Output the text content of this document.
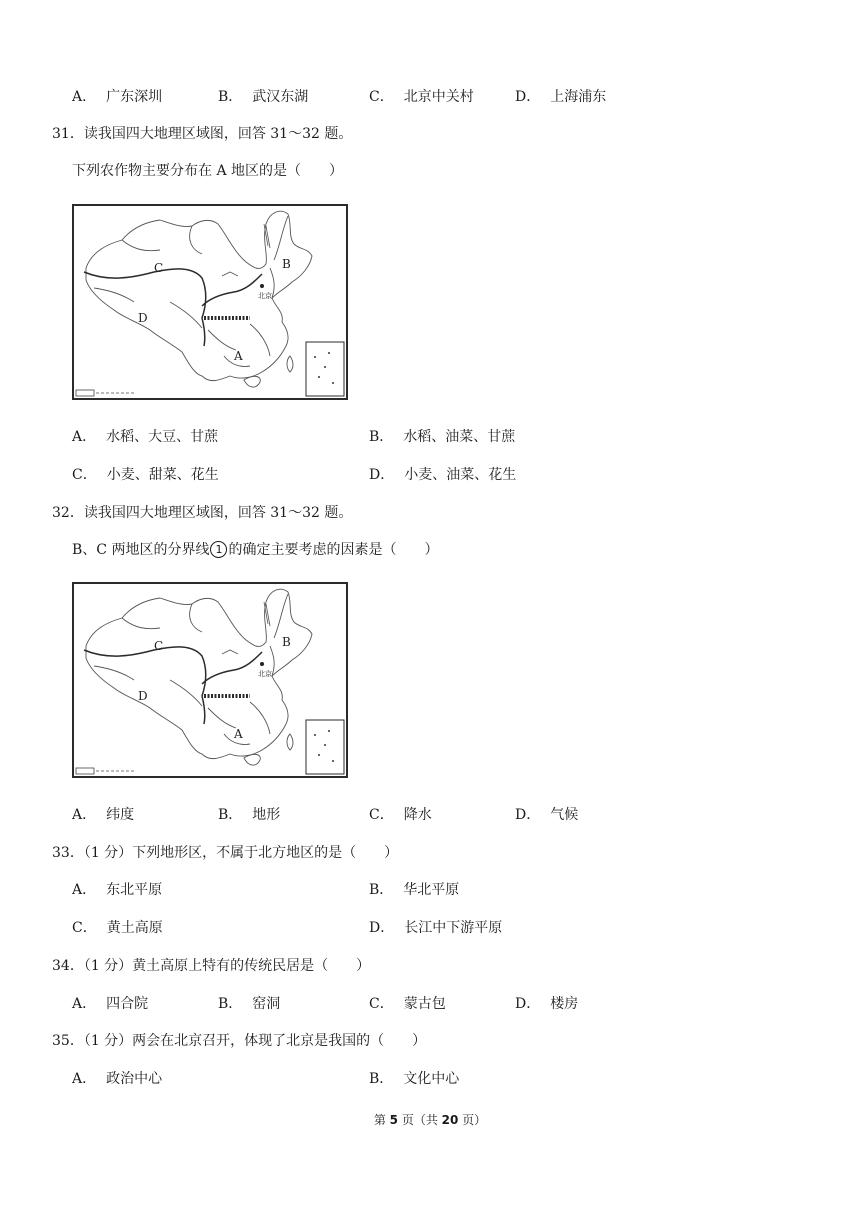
A． 广东深圳	B． 武汉东湖	C． 北京中关村	D． 上海浦东
31．读我国四大地理区域图，回答 31～32 题。
下列农作物主要分布在 A 地区的是（　　）
北京
C	B
D
A
A． 水稻、大豆、甘蔗	B． 水稻、油菜、甘蔗
C． 小麦、甜菜、花生	D． 小麦、油菜、花生
32．读我国四大地理区域图，回答 31～32 题。
B、C 两地区的分界线 1 的确定主要考虑的因素是（　　）
北京
C	B
D
A
A． 纬度	B． 地形	C． 降水	D． 气候
33．（1 分）下列地形区，不属于北方地区的是（　　）
A． 东北平原	B． 华北平原
C． 黄土高原	D． 长江中下游平原
34．（1 分）黄土高原上特有的传统民居是（　　）
A． 四合院	B． 窑洞	C． 蒙古包	D． 楼房
35．（1 分）两会在北京召开，体现了北京是我国的（　　）
A． 政治中心	B． 文化中心
第 5 页（共 20 页）
